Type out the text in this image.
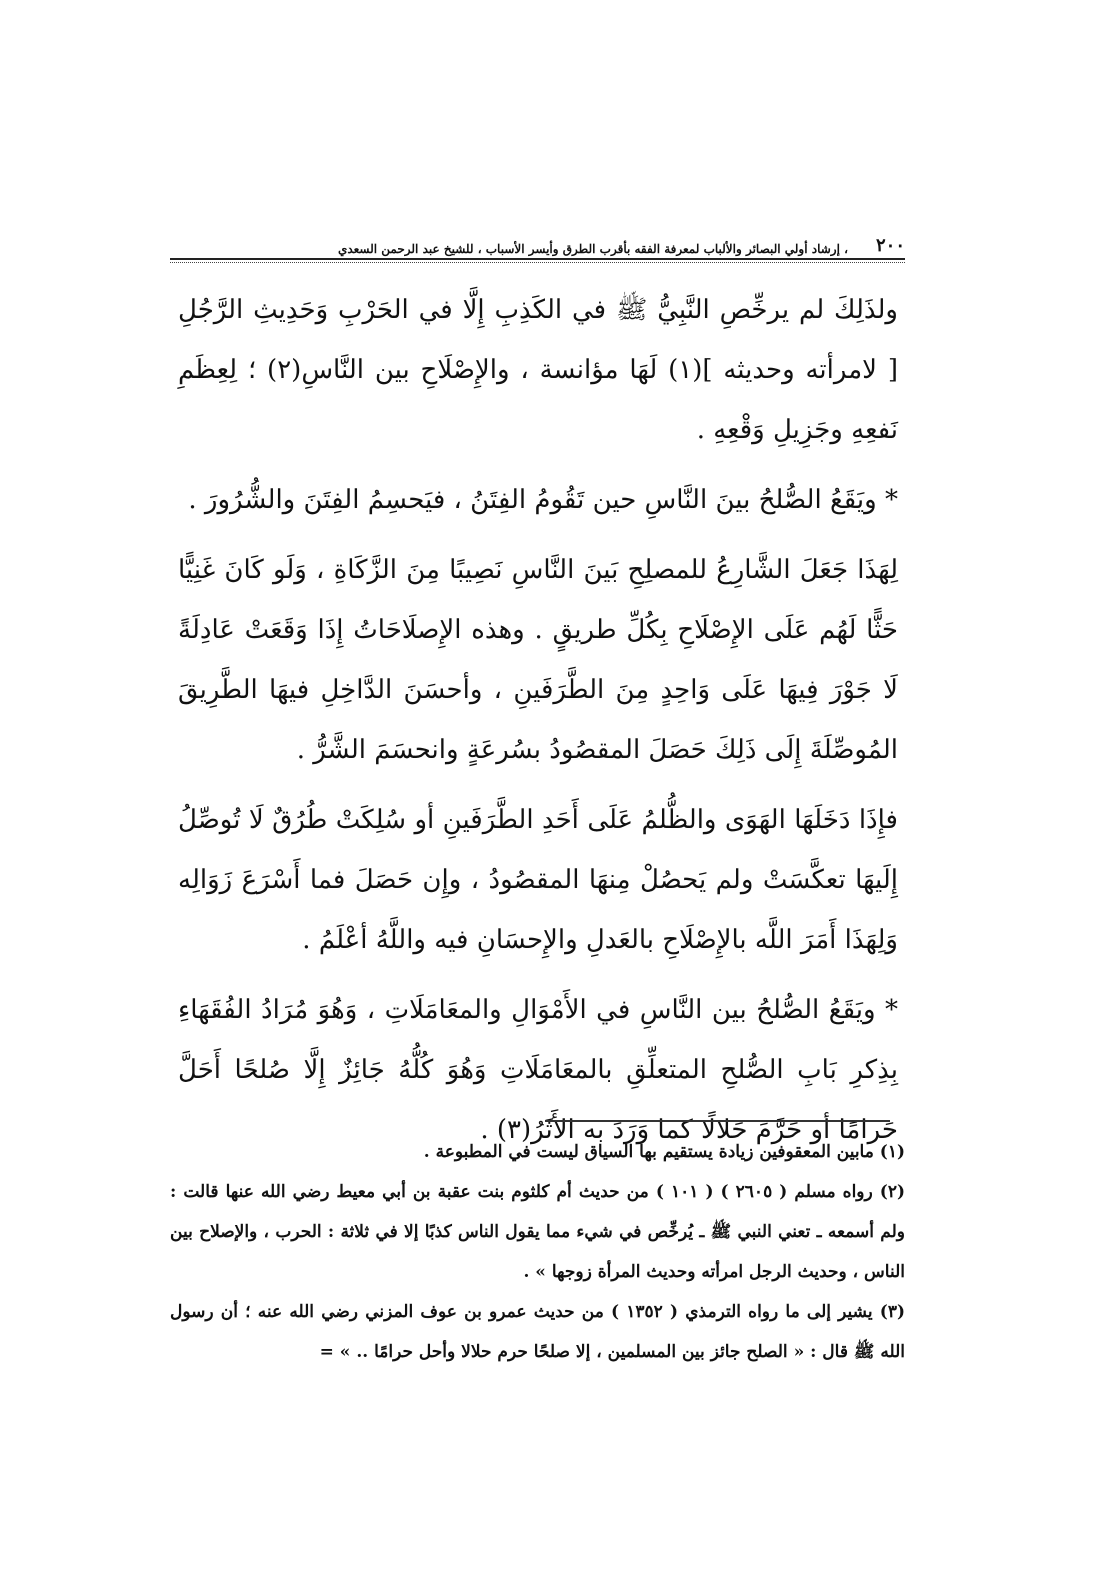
٢٠٠
، إرشاد أولي البصائر والألباب لمعرفة الفقه بأقرب الطرق وأيسر الأسباب ، للشيخ عبد الرحمن السعدي

ولذَلِكَ لم يرخِّصِ النَّبِيُّ ﷺ في الكَذِبِ إِلَّا في الحَرْبِ وَحَدِيثِ الرَّجُلِ [ لامرأته وحديثه ](١) لَهَا مؤانسة ، والإِصْلَاحِ بين النَّاسِ(٢) ؛ لِعِظَمِ نَفعِهِ وجَزِيلِ وَقْعِهِ .

* ويَقَعُ الصُّلحُ بينَ النَّاسِ حين تَقُومُ الفِتَنُ ، فيَحسِمُ الفِتَنَ والشُّرُورَ .

لِهَذَا جَعَلَ الشَّارِعُ للمصلِحِ بَينَ النَّاسِ نَصِيبًا مِنَ الزَّكَاةِ ، وَلَو كَانَ غَنِيًّا حَثًّا لَهُم عَلَى الإِصْلَاحِ بِكُلِّ طريقٍ . وهذه الإِصلَاحَاتُ إِذَا وَقَعَتْ عَادِلَةً لَا جَوْرَ فِيهَا عَلَى وَاحِدٍ مِنَ الطَّرَفَينِ ، وأحسَنَ الدَّاخِلِ فيهَا الطَّرِيقَ المُوصِّلَةَ إِلَى ذَلِكَ حَصَلَ المقصُودُ بسُرعَةٍ وانحسَمَ الشَّرُّ .

فإِذَا دَخَلَهَا الهَوَى والظُّلمُ عَلَى أَحَدِ الطَّرَفَينِ أو سُلِكَتْ طُرُقٌ لَا تُوصِّلُ إِلَيهَا تعكَّسَتْ ولم يَحصُلْ مِنهَا المقصُودُ ، وإِن حَصَلَ فما أَسْرَعَ زَوَالِه وَلِهَذَا أَمَرَ اللَّه بالإِصْلَاحِ بالعَدلِ والإِحسَانِ فيه واللَّهُ أعْلَمُ .

* ويَقَعُ الصُّلحُ بين النَّاسِ في الأَمْوَالِ والمعَامَلَاتِ ، وَهُوَ مُرَادُ الفُقَهَاءِ بِذِكرِ بَابِ الصُّلحِ المتعلِّقِ بالمعَامَلَاتِ وَهُوَ كُلُّهُ جَائِزٌ إِلَّا صُلحًا أَحَلَّ حَرامًا أو حَرَّمَ حَلالًا كما وَرَدَ به الأَثَرُ(٣) .

(١) مابين المعقوفين زيادة يستقيم بها السياق ليست في المطبوعة .

(٢) رواه مسلم ( ٢٦٠٥ ) ( ١٠١ ) من حديث أم كلثوم بنت عقبة بن أبي معيط رضي الله عنها قالت : ولم أسمعه ـ تعني النبي ﷺ ـ يُرخِّص في شيء مما يقول الناس كذبًا إلا في ثلاثة : الحرب ، والإصلاح بين الناس ، وحديث الرجل امرأته وحديث المرأة زوجها » .

(٣) يشير إلى ما رواه الترمذي ( ١٣٥٢ ) من حديث عمرو بن عوف المزني رضي الله عنه ؛ أن رسول الله ﷺ قال : « الصلح جائز بين المسلمين ، إلا صلحًا حرم حلالا وأحل حرامًا .. » =
